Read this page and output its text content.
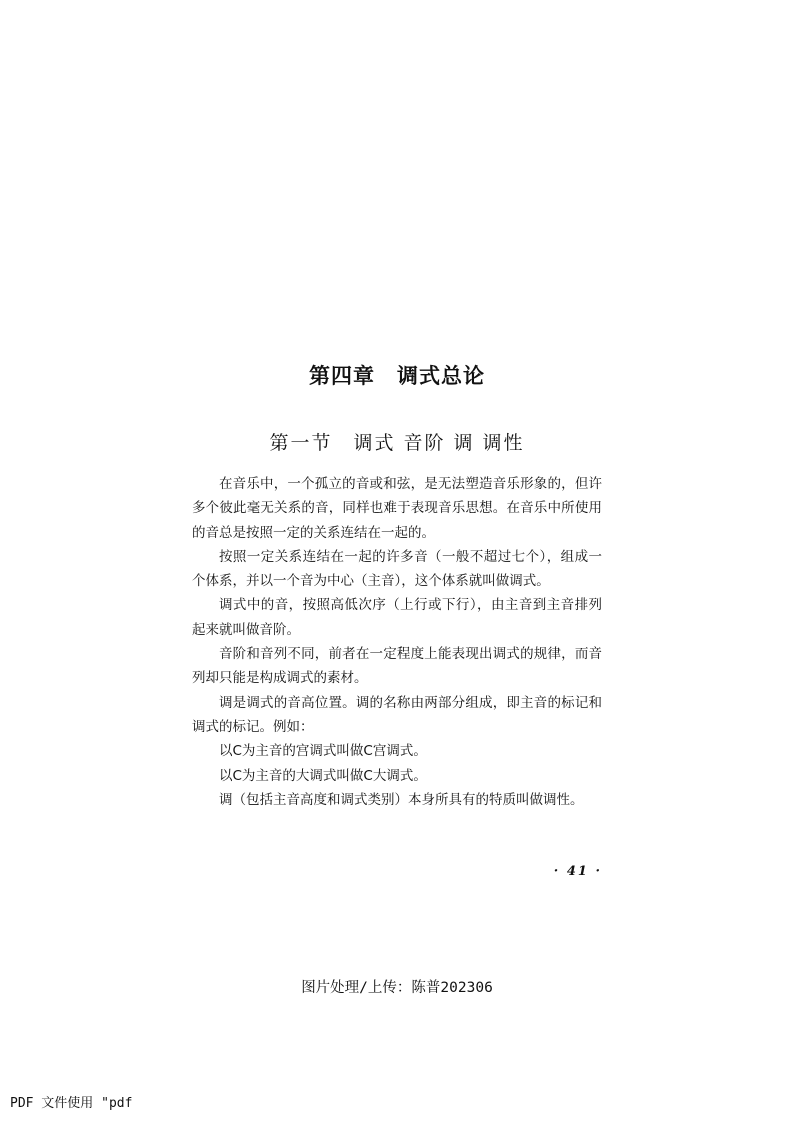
第四章　调式总论
第一节　调式 音阶 调 调性

在音乐中，一个孤立的音或和弦，是无法塑造音乐形象的，但许多个彼此毫无关系的音，同样也难于表现音乐思想。在音乐中所使用的音总是按照一定的关系连结在一起的。

按照一定关系连结在一起的许多音（一般不超过七个），组成一个体系，并以一个音为中心（主音），这个体系就叫做调式。

调式中的音，按照高低次序（上行或下行），由主音到主音排列起来就叫做音阶。

音阶和音列不同，前者在一定程度上能表现出调式的规律，而音列却只能是构成调式的素材。

调是调式的音高位置。调的名称由两部分组成，即主音的标记和调式的标记。例如：

以C为主音的宫调式叫做C宫调式。

以C为主音的大调式叫做C大调式。

调（包括主音高度和调式类别）本身所具有的特质叫做调性。

· 41 ·
图片处理/上传：陈普202306
PDF 文件使用 "pdf
